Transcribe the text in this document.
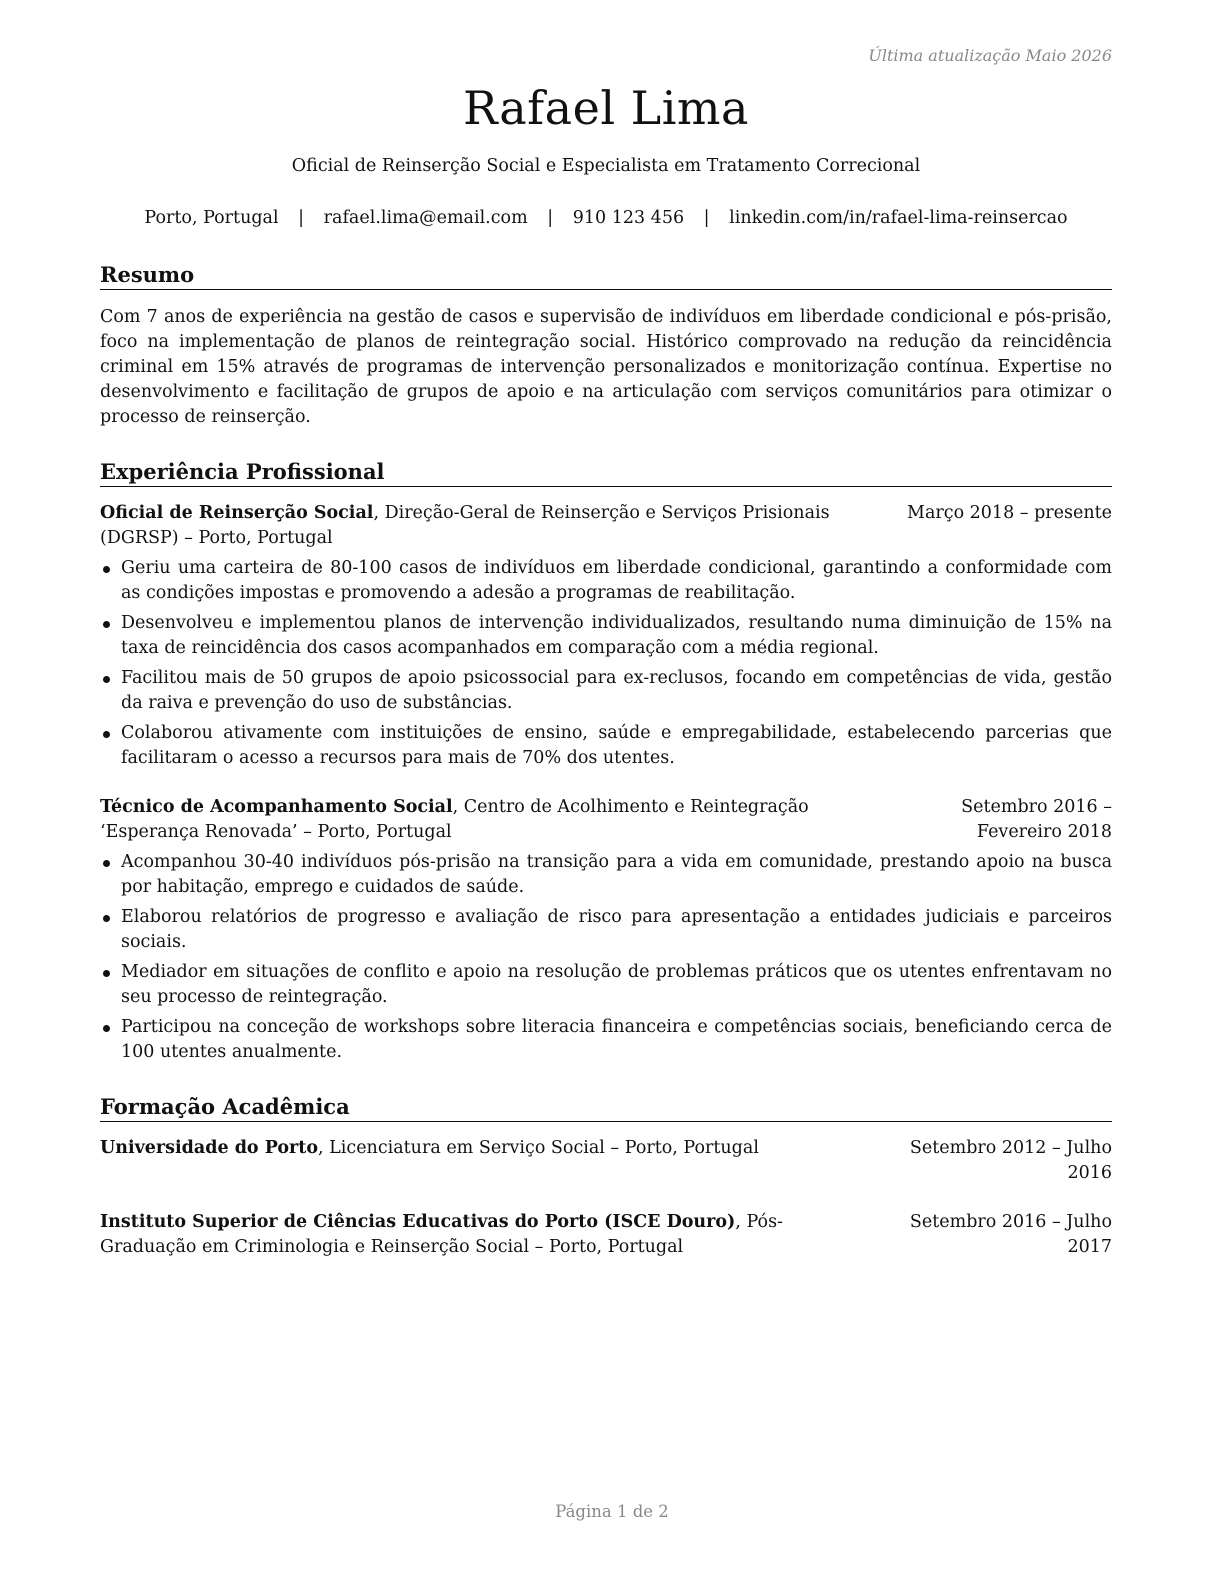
Última atualização Maio 2026
Rafael Lima
Oficial de Reinserção Social e Especialista em Tratamento Correcional
Porto, Portugal | rafael.lima@email.com | 910 123 456 | linkedin.com/in/rafael-lima-reinsercao
Resumo
Com 7 anos de experiência na gestão de casos e supervisão de indivíduos em liberdade condicional e pós-prisão, foco na implementação de planos de reintegração social. Histórico comprovado na redução da reincidência criminal em 15% através de programas de intervenção personalizados e monitorização contínua. Expertise no desenvolvimento e facilitação de grupos de apoio e na articulação com serviços comunitários para otimizar o processo de reinserção.
Experiência Profissional
Oficial de Reinserção Social, Direção-Geral de Reinserção e Serviços Prisionais (DGRSP) – Porto, Portugal
Março 2018 – presente
Geriu uma carteira de 80-100 casos de indivíduos em liberdade condicional, garantindo a conformidade com as condições impostas e promovendo a adesão a programas de reabilitação.
Desenvolveu e implementou planos de intervenção individualizados, resultando numa diminuição de 15% na taxa de reincidência dos casos acompanhados em comparação com a média regional.
Facilitou mais de 50 grupos de apoio psicossocial para ex-reclusos, focando em competências de vida, gestão da raiva e prevenção do uso de substâncias.
Colaborou ativamente com instituições de ensino, saúde e empregabilidade, estabelecendo parcerias que facilitaram o acesso a recursos para mais de 70% dos utentes.
Técnico de Acompanhamento Social, Centro de Acolhimento e Reintegração ‘Esperança Renovada’ – Porto, Portugal
Setembro 2016 – Fevereiro 2018
Acompanhou 30-40 indivíduos pós-prisão na transição para a vida em comunidade, prestando apoio na busca por habitação, emprego e cuidados de saúde.
Elaborou relatórios de progresso e avaliação de risco para apresentação a entidades judiciais e parceiros sociais.
Mediador em situações de conflito e apoio na resolução de problemas práticos que os utentes enfrentavam no seu processo de reintegração.
Participou na conceção de workshops sobre literacia financeira e competências sociais, beneficiando cerca de 100 utentes anualmente.
Formação Acadêmica
Universidade do Porto, Licenciatura em Serviço Social – Porto, Portugal	Setembro 2012 – Julho 2016
Instituto Superior de Ciências Educativas do Porto (ISCE Douro), Pós-Graduação em Criminologia e Reinserção Social – Porto, Portugal
Setembro 2016 – Julho 2017
Página 1 de 2
